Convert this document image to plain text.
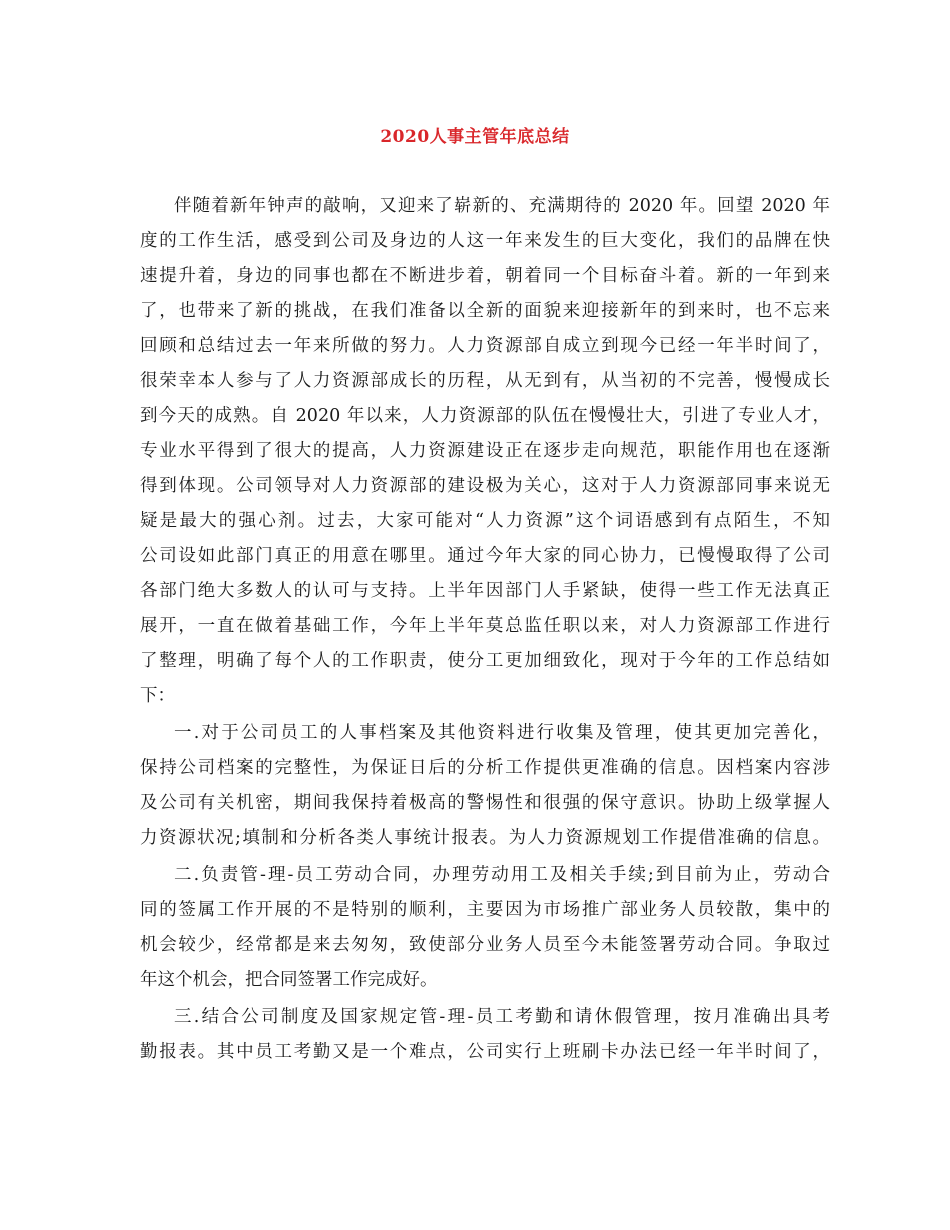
2020人事主管年底总结
伴随着新年钟声的敲响，又迎来了崭新的、充满期待的 2020 年。回望 2020 年
度的工作生活，感受到公司及身边的人这一年来发生的巨大变化，我们的品牌在快
速提升着，身边的同事也都在不断进步着，朝着同一个目标奋斗着。新的一年到来
了，也带来了新的挑战，在我们准备以全新的面貌来迎接新年的到来时，也不忘来
回顾和总结过去一年来所做的努力。人力资源部自成立到现今已经一年半时间了，
很荣幸本人参与了人力资源部成长的历程，从无到有，从当初的不完善，慢慢成长
到今天的成熟。自 2020 年以来，人力资源部的队伍在慢慢壮大，引进了专业人才，
专业水平得到了很大的提高，人力资源建设正在逐步走向规范，职能作用也在逐渐
得到体现。公司领导对人力资源部的建设极为关心，这对于人力资源部同事来说无
疑是最大的强心剂。过去，大家可能对“人力资源”这个词语感到有点陌生，不知
公司设如此部门真正的用意在哪里。通过今年大家的同心协力，已慢慢取得了公司
各部门绝大多数人的认可与支持。上半年因部门人手紧缺，使得一些工作无法真正
展开，一直在做着基础工作，今年上半年莫总监任职以来，对人力资源部工作进行
了整理，明确了每个人的工作职责，使分工更加细致化，现对于今年的工作总结如
下：
一.对于公司员工的人事档案及其他资料进行收集及管理，使其更加完善化，
保持公司档案的完整性，为保证日后的分析工作提供更准确的信息。因档案内容涉
及公司有关机密，期间我保持着极高的警惕性和很强的保守意识。协助上级掌握人
力资源状况;填制和分析各类人事统计报表。为人力资源规划工作提借准确的信息。
二.负责管-理-员工劳动合同，办理劳动用工及相关手续;到目前为止，劳动合
同的签属工作开展的不是特别的顺利，主要因为市场推广部业务人员较散，集中的
机会较少，经常都是来去匆匆，致使部分业务人员至今未能签署劳动合同。争取过
年这个机会，把合同签署工作完成好。
三.结合公司制度及国家规定管-理-员工考勤和请休假管理，按月准确出具考
勤报表。其中员工考勤又是一个难点，公司实行上班刷卡办法已经一年半时间了，
